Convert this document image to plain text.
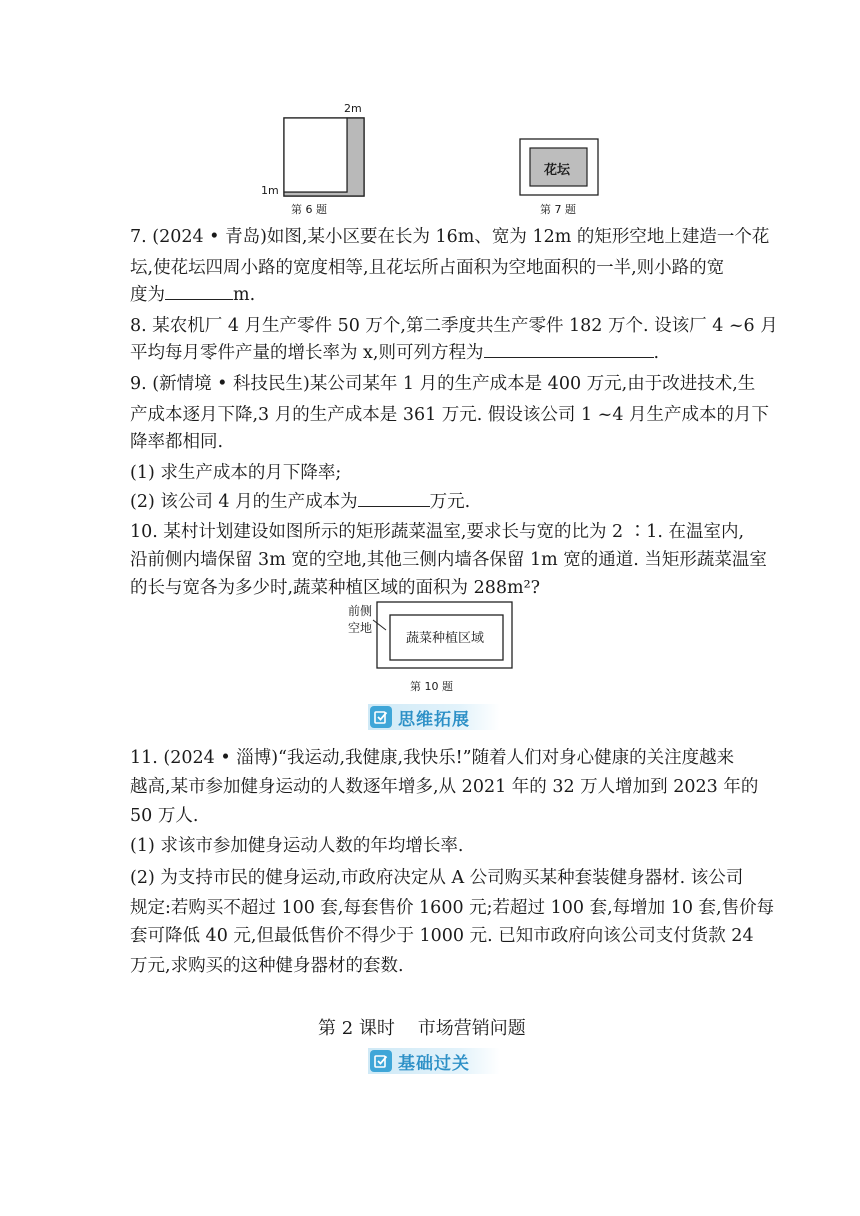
2m
1m
第 6 题
花坛
第 7 题
7. (2024 • 青岛)如图,某小区要在长为 16m、宽为 12m 的矩形空地上建造一个花
坛,使花坛四周小路的宽度相等,且花坛所占面积为空地面积的一半,则小路的宽
度为	m.
8. 某农机厂 4 月生产零件 50 万个,第二季度共生产零件 182 万个. 设该厂 4 ~6 月
平均每月零件产量的增长率为 x,则可列方程为	.
9. (新情境 • 科技民生)某公司某年 1 月的生产成本是 400 万元,由于改进技术,生
产成本逐月下降,3 月的生产成本是 361 万元. 假设该公司 1 ~4 月生产成本的月下
降率都相同.
(1) 求生产成本的月下降率;
(2) 该公司 4 月的生产成本为	万元.
10. 某村计划建设如图所示的矩形蔬菜温室,要求长与宽的比为 2 ∶1. 在温室内,
沿前侧内墙保留 3m 宽的空地,其他三侧内墙各保留 1m 宽的通道. 当矩形蔬菜温室
的长与宽各为多少时,蔬菜种植区域的面积为 288m²?
前侧
空地
蔬菜种植区域
第 10 题
思维拓展
11. (2024 • 淄博)“我运动,我健康,我快乐!”随着人们对身心健康的关注度越来
越高,某市参加健身运动的人数逐年增多,从 2021 年的 32 万人增加到 2023 年的
50 万人.
(1) 求该市参加健身运动人数的年均增长率.
(2) 为支持市民的健身运动,市政府决定从 A 公司购买某种套装健身器材. 该公司
规定:若购买不超过 100 套,每套售价 1600 元;若超过 100 套,每增加 10 套,售价每
套可降低 40 元,但最低售价不得少于 1000 元. 已知市政府向该公司支付货款 24
万元,求购买的这种健身器材的套数.
第 2 课时    市场营销问题
基础过关
